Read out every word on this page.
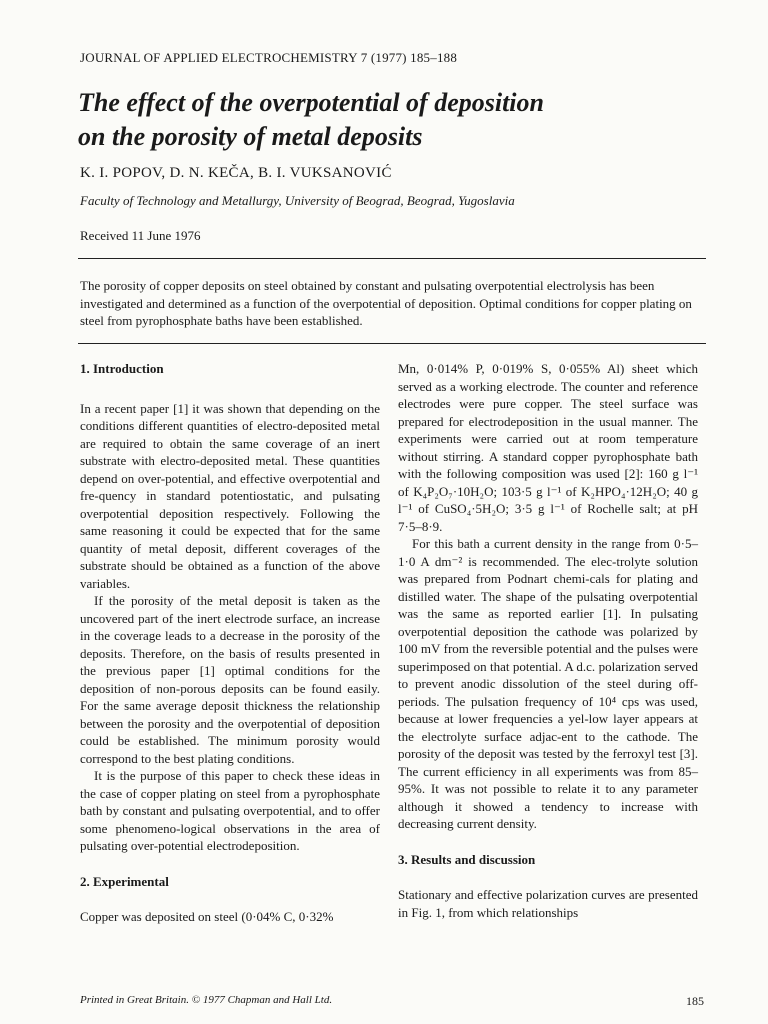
JOURNAL OF APPLIED ELECTROCHEMISTRY 7 (1977) 185–188
The effect of the overpotential of deposition
on the porosity of metal deposits
K. I. POPOV, D. N. KEČA, B. I. VUKSANOVIĆ
Faculty of Technology and Metallurgy, University of Beograd, Beograd, Yugoslavia
Received 11 June 1976
The porosity of copper deposits on steel obtained by constant and pulsating overpotential electrolysis has been investigated and determined as a function of the overpotential of deposition. Optimal conditions for copper plating on steel from pyrophosphate baths have been established.

1. Introduction

In a recent paper [1] it was shown that depending on the conditions different quantities of electro-deposited metal are required to obtain the same coverage of an inert substrate with electro-deposited metal. These quantities depend on over-potential, and effective overpotential and fre-quency in standard potentiostatic, and pulsating overpotential deposition respectively. Following the same reasoning it could be expected that for the same quantity of metal deposit, different coverages of the substrate should be obtained as a function of the above variables.

If the porosity of the metal deposit is taken as the uncovered part of the inert electrode surface, an increase in the coverage leads to a decrease in the porosity of the deposits. Therefore, on the basis of results presented in the previous paper [1] optimal conditions for the deposition of non-porous deposits can be found easily. For the same average deposit thickness the relationship between the porosity and the overpotential of deposition could be established. The minimum porosity would correspond to the best plating conditions.

It is the purpose of this paper to check these ideas in the case of copper plating on steel from a pyrophosphate bath by constant and pulsating overpotential, and to offer some phenomeno-logical observations in the area of pulsating over-potential electrodeposition.

2. Experimental

Copper was deposited on steel (0·04% C, 0·32%

Mn, 0·014% P, 0·019% S, 0·055% Al) sheet which served as a working electrode. The counter and reference electrodes were pure copper. The steel surface was prepared for electrodeposition in the usual manner. The experiments were carried out at room temperature without stirring. A standard copper pyrophosphate bath with the following composition was used [2]: 160 g l⁻¹ of K₄P₂O₇·10H₂O; 103·5 g l⁻¹ of K₂HPO₄·12H₂O; 40 g l⁻¹ of CuSO₄·5H₂O; 3·5 g l⁻¹ of Rochelle salt; at pH 7·5–8·9.

For this bath a current density in the range from 0·5–1·0 A dm⁻² is recommended. The elec-trolyte solution was prepared from Podnart chemi-cals for plating and distilled water. The shape of the pulsating overpotential was the same as reported earlier [1]. In pulsating overpotential deposition the cathode was polarized by 100 mV from the reversible potential and the pulses were superimposed on that potential. A d.c. polarization served to prevent anodic dissolution of the steel during off-periods. The pulsation frequency of 10⁴ cps was used, because at lower frequencies a yel-low layer appears at the electrolyte surface adjac-ent to the cathode. The porosity of the deposit was tested by the ferroxyl test [3]. The current efficiency in all experiments was from 85–95%. It was not possible to relate it to any parameter although it showed a tendency to increase with decreasing current density.

3. Results and discussion

Stationary and effective polarization curves are presented in Fig. 1, from which relationships

Printed in Great Britain. © 1977 Chapman and Hall Ltd.	185
